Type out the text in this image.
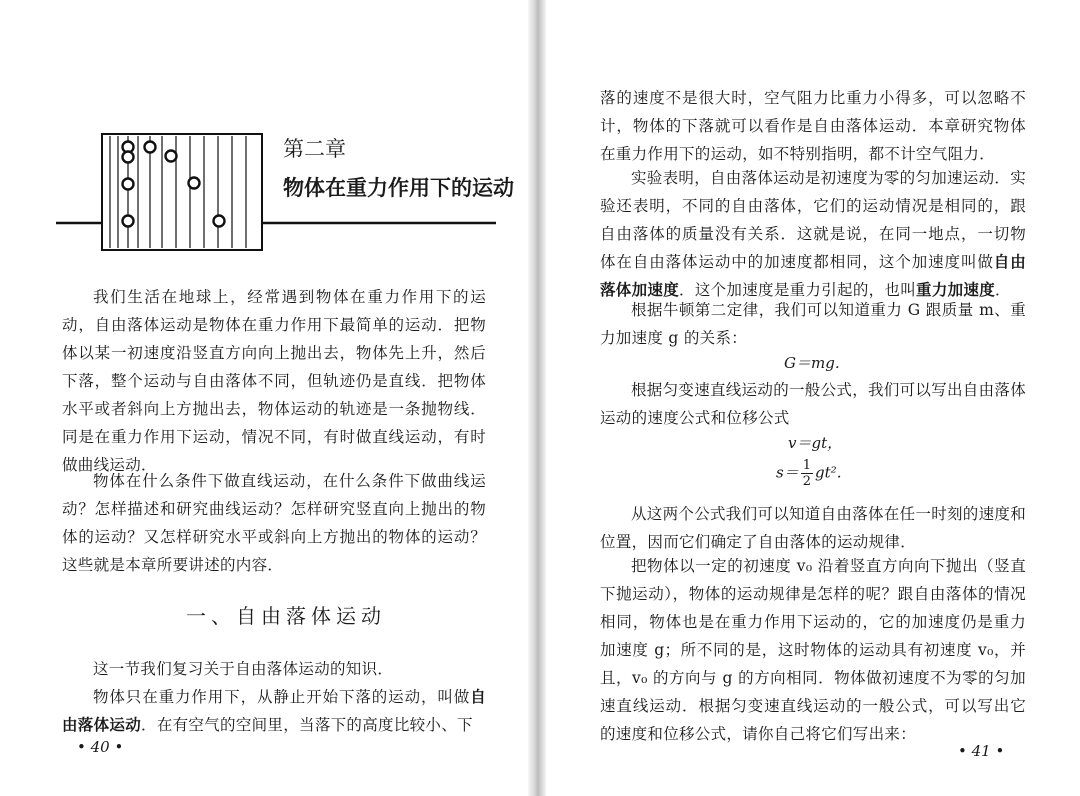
第二章
物体在重力作用下的运动

我们生活在地球上，经常遇到物体在重力作用下的运动，自由落体运动是物体在重力作用下最简单的运动．把物体以某一初速度沿竖直方向向上抛出去，物体先上升，然后下落，整个运动与自由落体不同，但轨迹仍是直线．把物体水平或者斜向上方抛出去，物体运动的轨迹是一条抛物线．同是在重力作用下运动，情况不同，有时做直线运动，有时做曲线运动．

物体在什么条件下做直线运动，在什么条件下做曲线运动？怎样描述和研究曲线运动？怎样研究竖直向上抛出的物体的运动？又怎样研究水平或斜向上方抛出的物体的运动？这些就是本章所要讲述的内容．

一、自由落体运动

这一节我们复习关于自由落体运动的知识．

物体只在重力作用下，从静止开始下落的运动，叫做自由落体运动．在有空气的空间里，当落下的高度比较小、下

• 40 •

落的速度不是很大时，空气阻力比重力小得多，可以忽略不计，物体的下落就可以看作是自由落体运动．本章研究物体在重力作用下的运动，如不特别指明，都不计空气阻力．

实验表明，自由落体运动是初速度为零的匀加速运动．实验还表明，不同的自由落体，它们的运动情况是相同的，跟自由落体的质量没有关系．这就是说，在同一地点，一切物体在自由落体运动中的加速度都相同，这个加速度叫做自由落体加速度．这个加速度是重力引起的，也叫重力加速度．

根据牛顿第二定律，我们可以知道重力 G 跟质量 m、重力加速度 g 的关系：

G＝mg．

根据匀变速直线运动的一般公式，我们可以写出自由落体运动的速度公式和位移公式

v＝gt，
$s= \frac{1}{2} gt^2$．

从这两个公式我们可以知道自由落体在任一时刻的速度和位置，因而它们确定了自由落体的运动规律．

把物体以一定的初速度 v₀ 沿着竖直方向向下抛出（竖直下抛运动），物体的运动规律是怎样的呢？跟自由落体的情况相同，物体也是在重力作用下运动的，它的加速度仍是重力加速度 g；所不同的是，这时物体的运动具有初速度 v₀，并且，v₀ 的方向与 g 的方向相同．物体做初速度不为零的匀加速直线运动．根据匀变速直线运动的一般公式，可以写出它的速度和位移公式，请你自己将它们写出来：

• 41 •
